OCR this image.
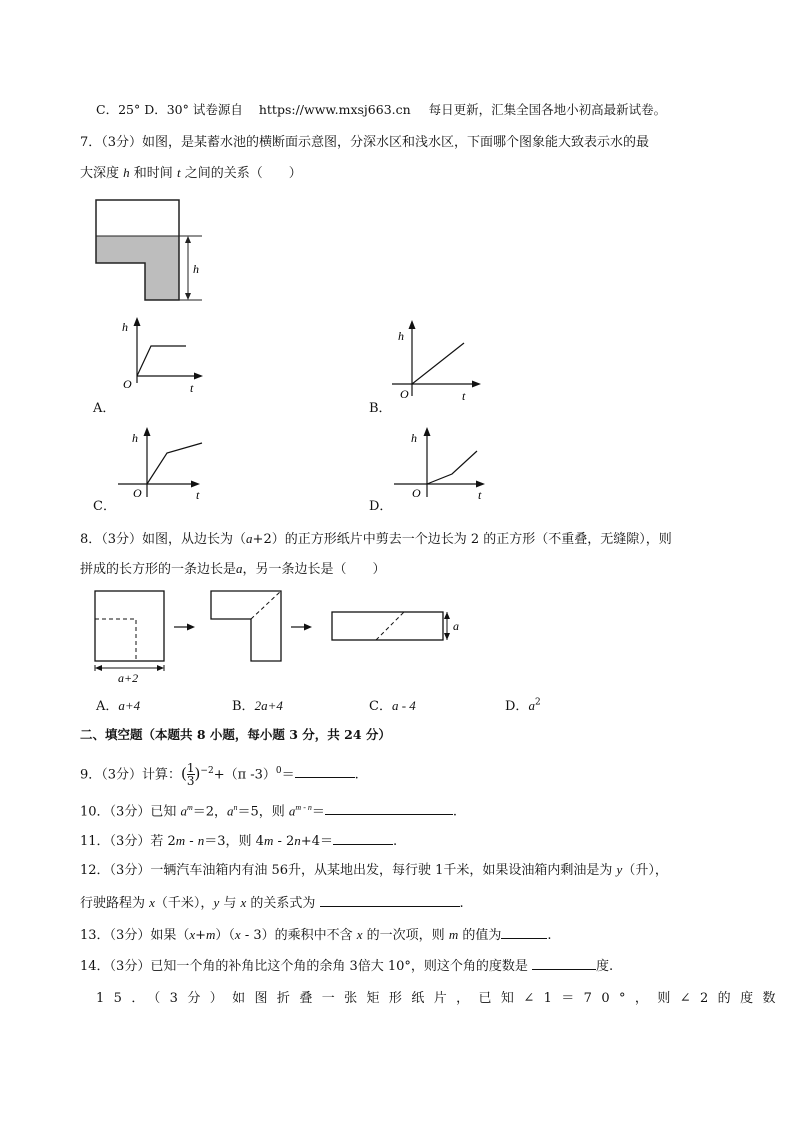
C．25° D．30° 试卷源自 https://www.mxsj663.cn 每日更新，汇集全国各地小初高最新试卷。
7．（3分）如图，是某蓄水池的横断面示意图，分深水区和浅水区，下面哪个图象能大致表示水的最
大深度 h 和时间 t 之间的关系（　　）
h
A．
h
O	t
B．
h
O	t
C．
h
O	t
D．
h
O	t
8．（3分）如图，从边长为（a+2）的正方形纸片中剪去一个边长为 2 的正方形（不重叠，无缝隙），则
拼成的长方形的一条边长是a，另一条边长是（　　）
a+2
a
A．a+4	B．2a+4	C．a - 4	D．$a^2$
二、填空题（本题共 8 小题，每小题 3 分，共 24 分）
9．（3分）计算：( $\frac{1}{3} )^{-2}+(\pi$ -3）$^0$＝	.
10．（3分）已知 $a^m=2$，$a^n=5$，则 $a^{m - n}=$	.
11．（3分）若 2m - n＝3，则 4m - 2n+4＝	.
12．（3分）一辆汽车油箱内有油 56升，从某地出发，每行驶 1千米，如果设油箱内剩油是为 y（升），
行驶路程为 x（千米），y 与 x 的关系式为	.
13．（3分）如果（x+m）（x - 3）的乘积中不含 x 的一次项，则 m 的值为	.
14．（3分）已知一个角的补角比这个角的余角 3倍大 10°，则这个角的度数是	度.
15．（3分）如图折叠一张矩形纸片，已知∠1＝70°，则∠2的度数
